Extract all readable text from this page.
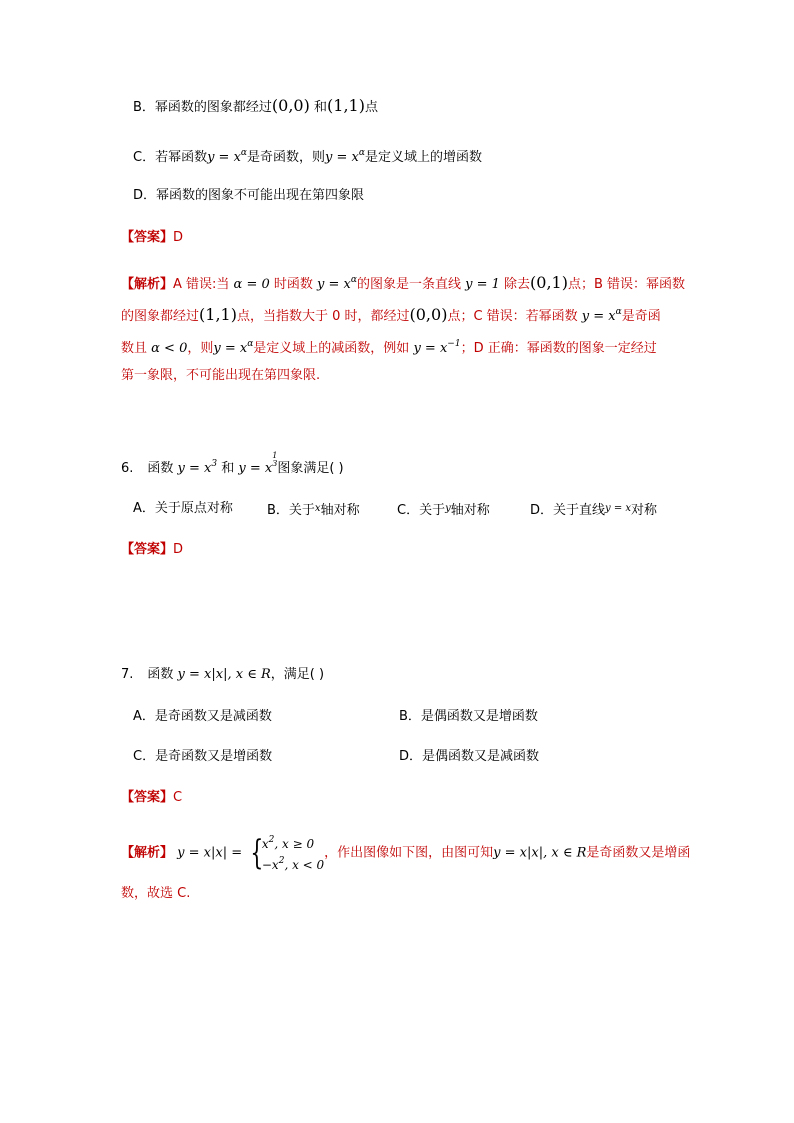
B．幂函数的图象都经过(0,0) 和(1,1)点
C．若幂函数$y = x^\alpha$是奇函数，则$y = x^\alpha$是定义域上的增函数
D．幂函数的图象不可能出现在第四象限
【答案】D
【解析】A 错误:当 α = 0 时函数 $y = x^\alpha$的图象是一条直线 y = 1 除去(0,1)点；B 错误：幂函数
的图象都经过(1,1)点，当指数大于 0 时，都经过(0,0)点；C 错误：若幂函数 $y = x^\alpha$是奇函
数且 α < 0，则$y = x^\alpha$是定义域上的减函数，例如 $y = x^{-1}$；D 正确：幂函数的图象一定经过
第一象限，不可能出现在第四象限.
6. 函数 $y = x^3$ 和 y = x
1
3 图象满足( )
A．关于原点对称	B．关于$^x$轴对称	C．关于$^y$轴对称	D．关于直线$^{y = x}$对称
【答案】D
7. 函数 y = x|x|, x ∈ R，满足( )
A．是奇函数又是减函数	B．是偶函数又是增函数
C．是奇函数又是增函数	D．是偶函数又是减函数
【答案】C
【解析】 $y = x|x| = \{x^2$, x ≥ 0
$-x^2$, x < 0，作出图像如下图，由图可知y = x|x|, x ∈ R是奇函数又是增函
数，故选 C.
